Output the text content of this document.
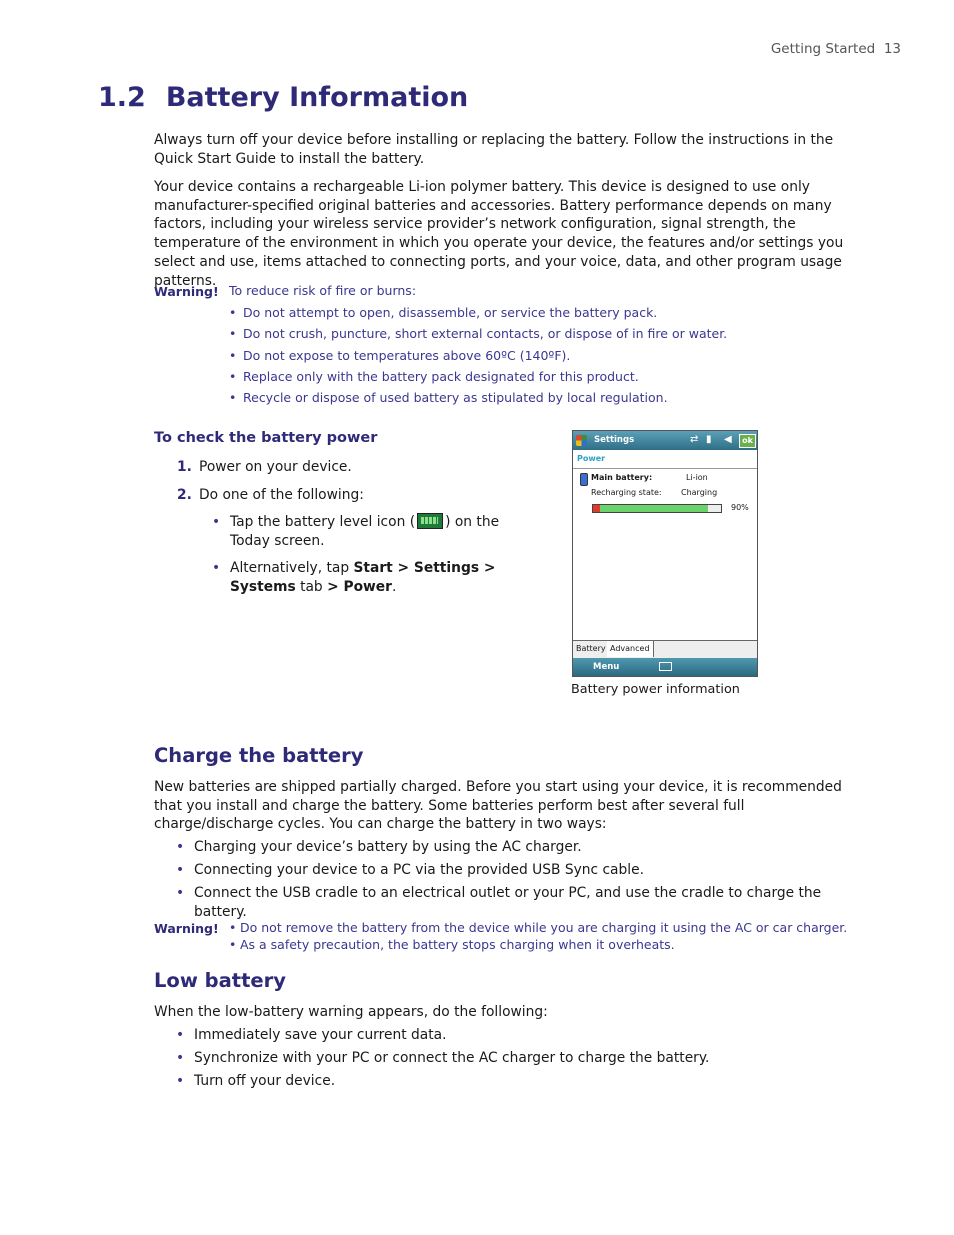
Getting Started 13
1.2 Battery Information
Always turn off your device before installing or replacing the battery. Follow the instructions in the Quick Start Guide to install the battery.
Your device contains a rechargeable Li-ion polymer battery. This device is designed to use only manufacturer-specified original batteries and accessories. Battery performance depends on many factors, including your wireless service provider’s network configuration, signal strength, the temperature of the environment in which you operate your device, the features and/or settings you select and use, items attached to connecting ports, and your voice, data, and other program usage patterns.
Warning! To reduce risk of fire or burns:
• Do not attempt to open, disassemble, or service the battery pack.
• Do not crush, puncture, short external contacts, or dispose of in fire or water.
• Do not expose to temperatures above 60ºC (140ºF).
• Replace only with the battery pack designated for this product.
• Recycle or dispose of used battery as stipulated by local regulation.
To check the battery power
1. Power on your device.
2. Do one of the following:
• Tap the battery level icon ( ) on the Today screen.
• Alternatively, tap Start > Settings > Systems tab > Power.
Settings	⇄ ▮ ◀	ok
Power
Main battery:	Li-ion
Recharging state: Charging
90%
Battery Advanced
Menu
Battery power information
Charge the battery
New batteries are shipped partially charged. Before you start using your device, it is recommended that you install and charge the battery. Some batteries perform best after several full charge/discharge cycles. You can charge the battery in two ways:
• Charging your device’s battery by using the AC charger.
• Connecting your device to a PC via the provided USB Sync cable.
• Connect the USB cradle to an electrical outlet or your PC, and use the cradle to charge the battery.
Warning! • Do not remove the battery from the device while you are charging it using the AC or car charger.
• As a safety precaution, the battery stops charging when it overheats.
Low battery
When the low-battery warning appears, do the following:
• Immediately save your current data.
• Synchronize with your PC or connect the AC charger to charge the battery.
• Turn off your device.
